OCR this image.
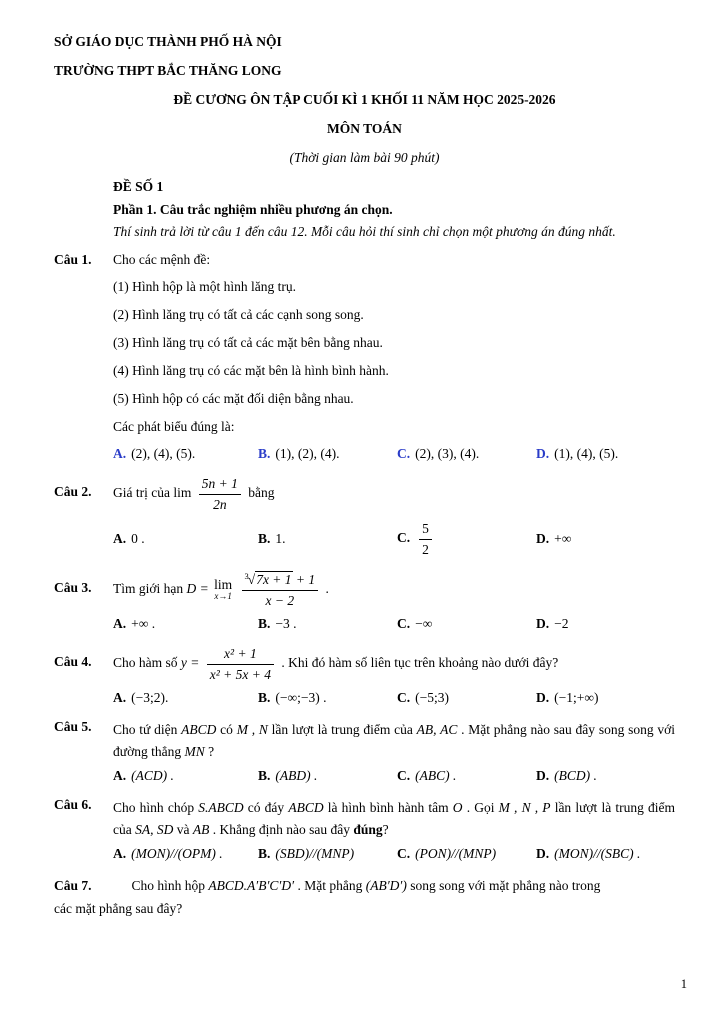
SỞ GIÁO DỤC THÀNH PHỐ HÀ NỘI
TRƯỜNG THPT BẮC THĂNG LONG
ĐỀ CƯƠNG ÔN TẬP CUỐI KÌ 1 KHỐI 11 NĂM HỌC 2025-2026
MÔN TOÁN
(Thời gian làm bài 90 phút)
ĐỀ SỐ 1
Phần 1. Câu trắc nghiệm nhiều phương án chọn.
Thí sinh trả lời từ câu 1 đến câu 12. Mỗi câu hỏi thí sinh chỉ chọn một phương án đúng nhất.
Câu 1.	Cho các mệnh đề:
(1) Hình hộp là một hình lăng trụ.
(2) Hình lăng trụ có tất cả các cạnh song song.
(3) Hình lăng trụ có tất cả các mặt bên bằng nhau.
(4) Hình lăng trụ có các mặt bên là hình bình hành.
(5) Hình hộp có các mặt đối diện bằng nhau.
Các phát biểu đúng là:
A. (2), (4), (5).	B. (1), (2), (4).	C. (2), (3), (4).	D. (1), (4), (5).
Câu 2.	Giá trị của $\lim \frac{5n + 1}{2n}$ bằng
A. 0 .	B. 1.	C. $\frac{5}{2}$	D. +∞
Câu 3.	Tìm giới hạn D = lim
x→1
$\frac{^3√7x + 1 + 1}{x - 2}$ .
A. +∞ .	B. −3 .	C. −∞	D. −2
Câu 4.	Cho hàm số $y = \frac{\text{x² + 1}}{\text{x² + 5x + 4}}$ . Khi đó hàm số liên tục trên khoảng nào dưới đây?
A. (−3;2).	B. (−∞;−3) .	C. (−5;3)	D. (−1;+∞)
Câu 5.	Cho tứ diện ABCD có M , N lần lượt là trung điểm của AB, AC . Mặt phẳng nào sau đây song song với đường thẳng MN ?
A. (ACD) .	B. (ABD) .	C. (ABC) .	D. (BCD) .
Câu 6.	Cho hình chóp S.ABCD có đáy ABCD là hình bình hành tâm O . Gọi M , N , P lần lượt là trung điểm của SA, SD và AB . Khẳng định nào sau đây đúng?
A. (MON)//(OPM) .	B. (SBD)//(MNP)	C. (PON)//(MNP)	D. (MON)//(SBC) .

Câu 7.	Cho hình hộp ABCD.A′B′C′D′ . Mặt phẳng (AB′D′) song song với mặt phẳng nào trong
các mặt phẳng sau đây?

1
